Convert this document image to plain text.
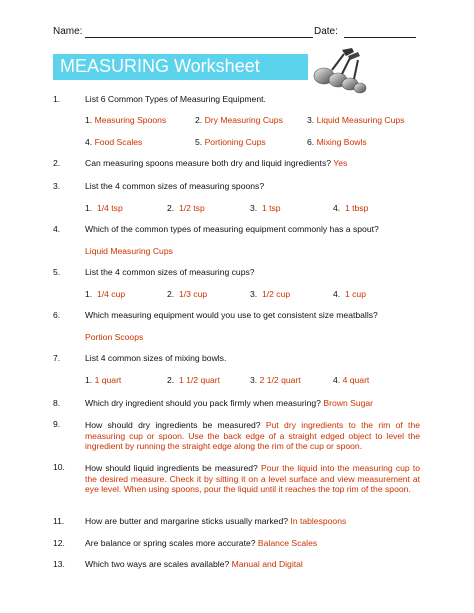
Name:	Date:
MEASURING Worksheet
1.	List 6 Common Types of Measuring Equipment.
1. Measuring Spoons	2. Dry Measuring Cups	3. Liquid Measuring Cups
4. Food Scales	5. Portioning Cups	6. Mixing Bowls
2.	Can measuring spoons measure both dry and liquid ingredients? Yes
3.	List the 4 common sizes of measuring spoons?
1. 1/4 tsp	2. 1/2 tsp	3. 1 tsp	4. 1 tbsp
4.	Which of the common types of measuring equipment commonly has a spout?
Liquid Measuring Cups
5.	List the 4 common sizes of measuring cups?
1. 1/4 cup	2. 1/3 cup	3. 1/2 cup	4. 1 cup
6.	Which measuring equipment would you use to get consistent size meatballs?
Portion Scoops
7.	List 4 common sizes of mixing bowls.
1. 1 quart	2. 1 1/2 quart	3. 2 1/2 quart	4. 4 quart
8.	Which dry ingredient should you pack firmly when measuring? Brown Sugar
9.	How should dry ingredients be measured? Put dry ingredients to the rim of the measuring cup or spoon. Use the back edge of a straight edged object to level the ingredient by running the straight edge along the rim of the cup or spoon.
10. How should liquid ingredients be measured? Pour the liquid into the measuring cup to the desired measure. Check it by sitting it on a level surface and view measurement at eye level. When using spoons, pour the liquid until it reaches the top rim of the spoon.
11. How are butter and margarine sticks usually marked? In tablespoons
12. Are balance or spring scales more accurate? Balance Scales
13. Which two ways are scales available? Manual and Digital
